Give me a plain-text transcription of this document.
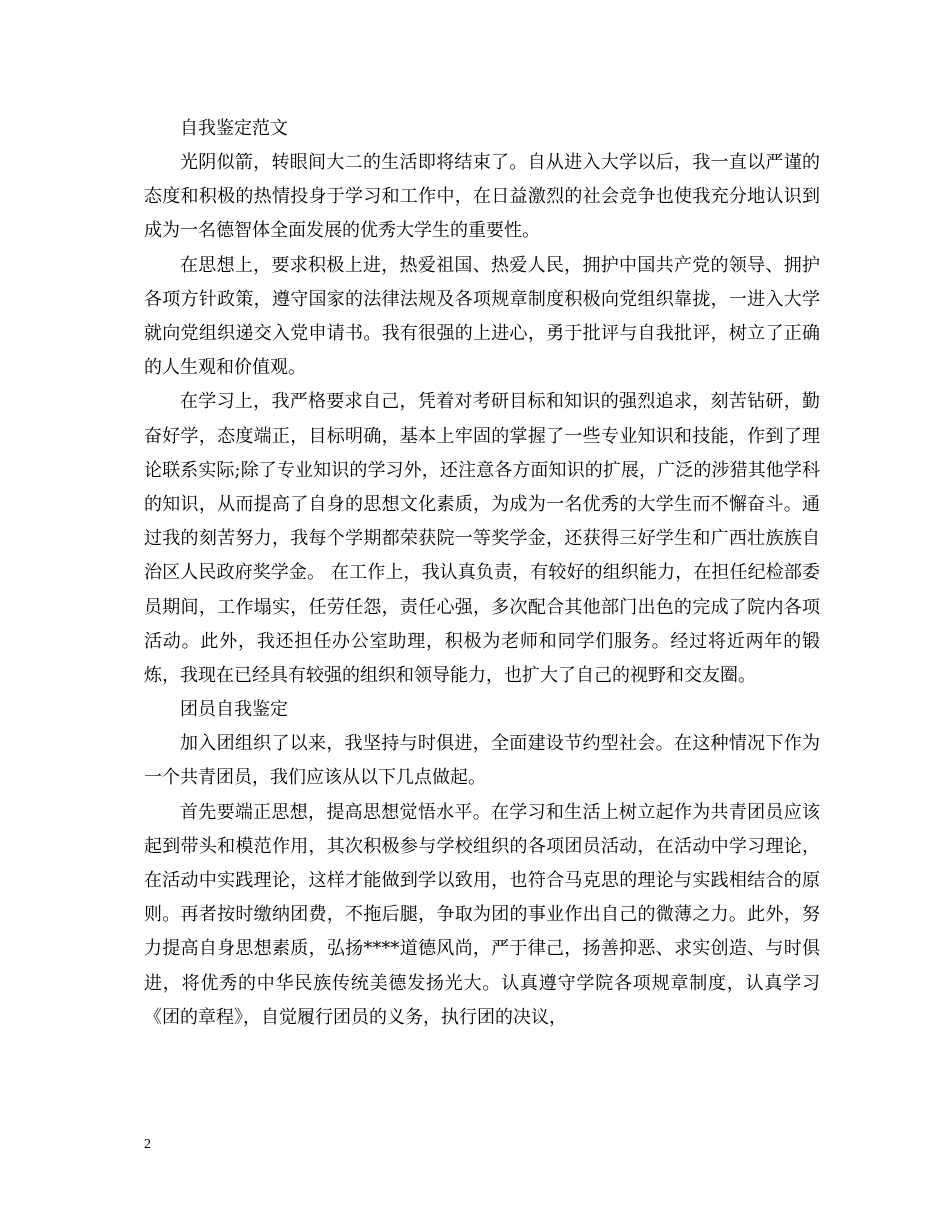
自我鉴定范文

光阴似箭，转眼间大二的生活即将结束了。自从进入大学以后，我一直以严谨的态度和积极的热情投身于学习和工作中，在日益激烈的社会竞争也使我充分地认识到成为一名德智体全面发展的优秀大学生的重要性。

在思想上，要求积极上进，热爱祖国、热爱人民，拥护中国共产党的领导、拥护各项方针政策，遵守国家的法律法规及各项规章制度积极向党组织靠拢，一进入大学就向党组织递交入党申请书。我有很强的上进心，勇于批评与自我批评，树立了正确的人生观和价值观。

在学习上，我严格要求自己，凭着对考研目标和知识的强烈追求，刻苦钻研，勤奋好学，态度端正，目标明确，基本上牢固的掌握了一些专业知识和技能，作到了理论联系实际;除了专业知识的学习外，还注意各方面知识的扩展，广泛的涉猎其他学科的知识，从而提高了自身的思想文化素质，为成为一名优秀的大学生而不懈奋斗。通过我的刻苦努力，我每个学期都荣获院一等奖学金，还获得三好学生和广西壮族族自治区人民政府奖学金。 在工作上，我认真负责，有较好的组织能力，在担任纪检部委员期间，工作塌实，任劳任怨，责任心强，多次配合其他部门出色的完成了院内各项活动。此外，我还担任办公室助理，积极为老师和同学们服务。经过将近两年的锻炼，我现在已经具有较强的组织和领导能力，也扩大了自己的视野和交友圈。

团员自我鉴定

加入团组织了以来，我坚持与时俱进，全面建设节约型社会。在这种情况下作为一个共青团员，我们应该从以下几点做起。

首先要端正思想，提高思想觉悟水平。在学习和生活上树立起作为共青团员应该起到带头和模范作用，其次积极参与学校组织的各项团员活动，在活动中学习理论，在活动中实践理论，这样才能做到学以致用，也符合马克思的理论与实践相结合的原则。再者按时缴纳团费，不拖后腿，争取为团的事业作出自己的微薄之力。此外，努力提高自身思想素质，弘扬****道德风尚，严于律己，扬善抑恶、求实创造、与时俱进，将优秀的中华民族传统美德发扬光大。认真遵守学院各项规章制度，认真学习《团的章程》，自觉履行团员的义务，执行团的决议，

2
